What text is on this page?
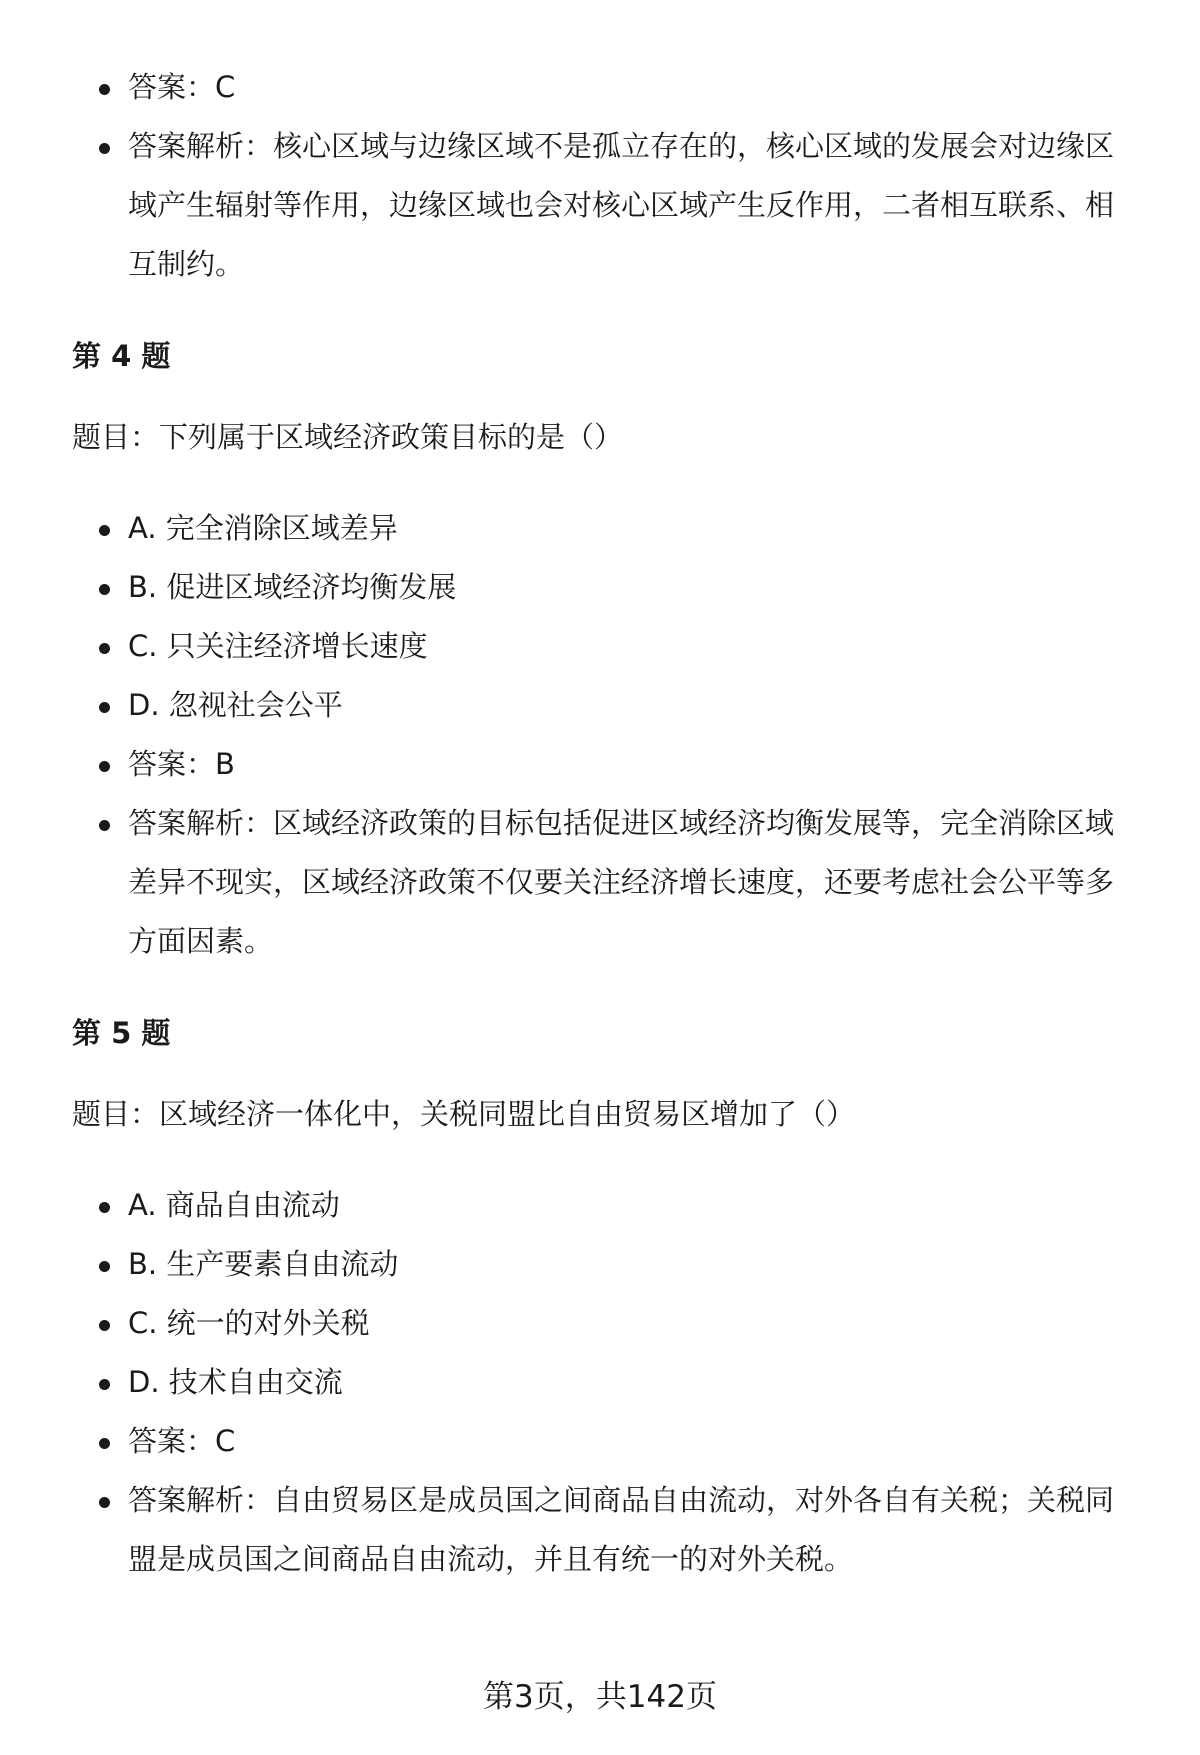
答案：C
答案解析：核心区域与边缘区域不是孤立存在的，核心区域的发展会对边缘区域产生辐射等作用，边缘区域也会对核心区域产生反作用，二者相互联系、相互制约。
第 4 题
题目：下列属于区域经济政策目标的是（）
A. 完全消除区域差异
B. 促进区域经济均衡发展
C. 只关注经济增长速度
D. 忽视社会公平
答案：B
答案解析：区域经济政策的目标包括促进区域经济均衡发展等，完全消除区域差异不现实，区域经济政策不仅要关注经济增长速度，还要考虑社会公平等多方面因素。
第 5 题
题目：区域经济一体化中，关税同盟比自由贸易区增加了（）
A. 商品自由流动
B. 生产要素自由流动
C. 统一的对外关税
D. 技术自由交流
答案：C
答案解析：自由贸易区是成员国之间商品自由流动，对外各自有关税；关税同盟是成员国之间商品自由流动，并且有统一的对外关税。
第3页，共142页
